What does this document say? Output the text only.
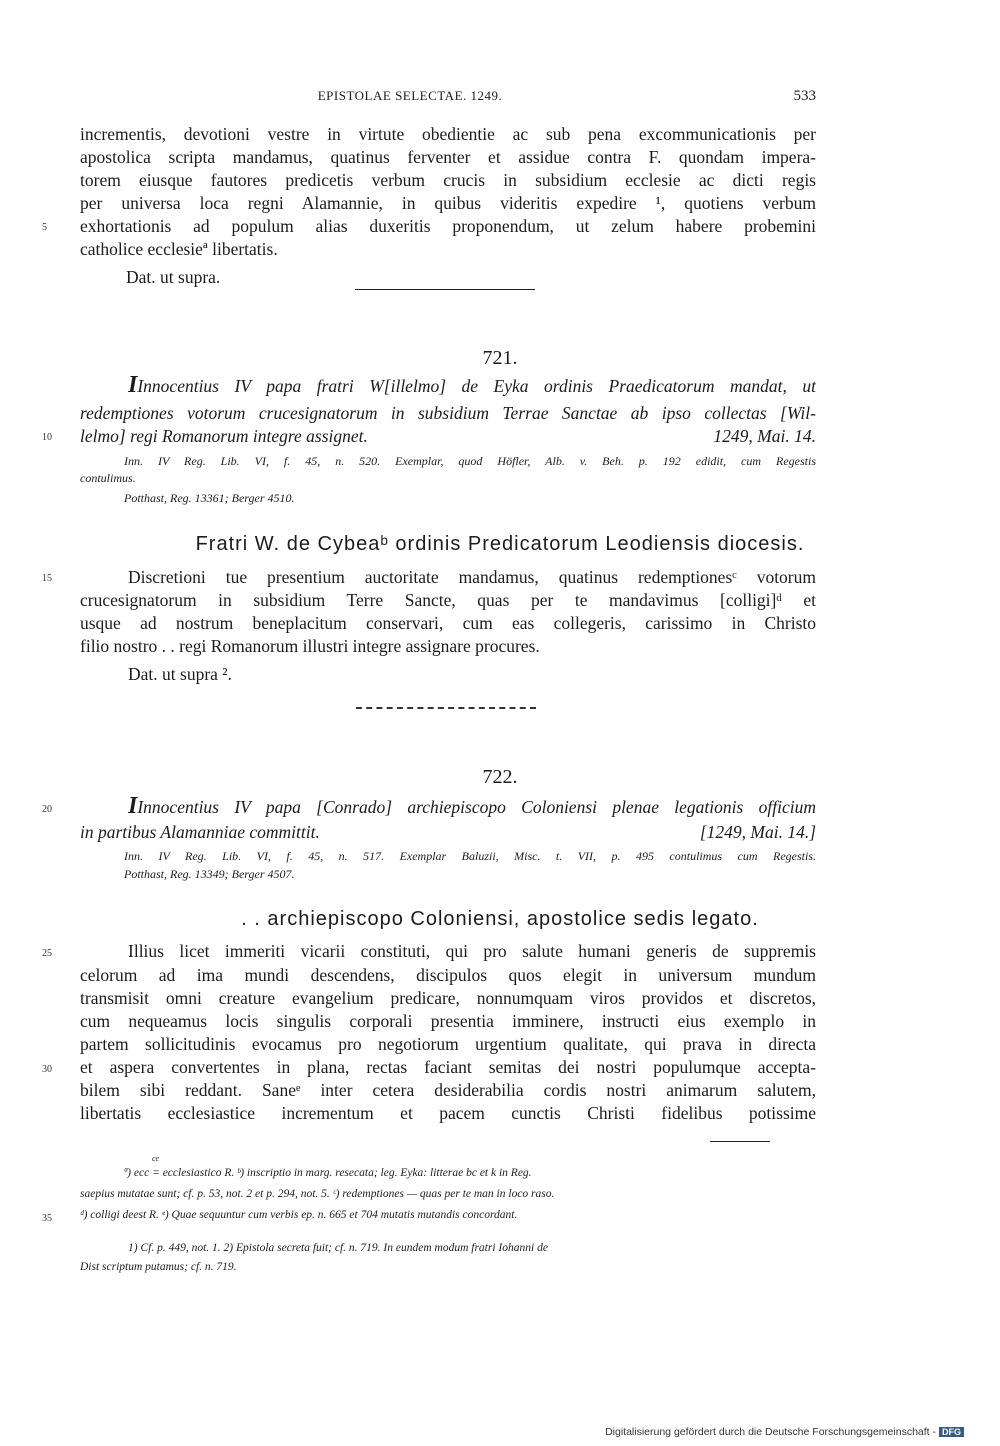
EPISTOLAE SELECTAE. 1249.	533
incrementis, devotioni vestre in virtute obedientie ac sub pena excommunicationis per
apostolica scripta mandamus, quatinus ferventer et assidue contra F. quondam impera-
torem eiusque fautores predicetis verbum crucis in subsidium ecclesie ac dicti regis
per universa loca regni Alamannie, in quibus videritis expedire ¹, quotiens verbum
exhortationis ad populum alias duxeritis proponendum, ut zelum habere probemini
catholice ecclesieª libertatis.
Dat. ut supra.
721.
IInnocentius IV papa fratri W[illelmo] de Eyka ordinis Praedicatorum mandat, ut
redemptiones votorum crucesignatorum in subsidium Terrae Sanctae ab ipso collectas [Wil-
lelmo] regi Romanorum integre assignet.	1249, Mai. 14.
Inn. IV Reg. Lib. VI, f. 45, n. 520. Exemplar, quod Höfler, Alb. v. Beh. p. 192 edidit, cum Regestis
contulimus.
Potthast, Reg. 13361; Berger 4510.
Fratri W. de Cybeaᵇ ordinis Predicatorum Leodiensis diocesis.
Discretioni tue presentium auctoritate mandamus, quatinus redemptionesᶜ votorum
crucesignatorum in subsidium Terre Sancte, quas per te mandavimus [colligi]ᵈ et
usque ad nostrum beneplacitum conservari, cum eas collegeris, carissimo in Christo
filio nostro . . regi Romanorum illustri integre assignare procures.
Dat. ut supra ².
722.
IInnocentius IV papa [Conrado] archiepiscopo Coloniensi plenae legationis officium
in partibus Alamanniae committit.	[1249, Mai. 14.]
Inn. IV Reg. Lib. VI, f. 45, n. 517. Exemplar Baluzii, Misc. t. VII, p. 495 contulimus cum Regestis.
Potthast, Reg. 13349; Berger 4507.
. . archiepiscopo Coloniensi, apostolice sedis legato.
Illius licet immeriti vicarii constituti, qui pro salute humani generis de suppremis
celorum ad ima mundi descendens, discipulos quos elegit in universum mundum
transmisit omni creature evangelium predicare, nonnumquam viros providos et discretos,
cum nequeamus locis singulis corporali presentia imminere, instructi eius exemplo in
partem sollicitudinis evocamus pro negotiorum urgentium qualitate, qui prava in directa
et aspera convertentes in plana, rectas faciant semitas dei nostri populumque accepta-
bilem sibi reddant. Saneᵉ inter cetera desiderabilia cordis nostri animarum salutem,
libertatis ecclesiastice incrementum et pacem cunctis Christi fidelibus potissime
ce
ª) ecc = ecclesiastico R. ᵇ) inscriptio in marg. resecata; leg. Eyka: litterae bc et k in Reg.
saepius mutatae sunt; cf. p. 53, not. 2 et p. 294, not. 5. ᶜ) redemptiones — quas per te man in loco raso.
ᵈ) colligi deest R. ᵉ) Quae sequuntur cum verbis ep. n. 665 et 704 mutatis mutandis concordant.
1) Cf. p. 449, not. 1. 2) Epistola secreta fuit; cf. n. 719. In eundem modum fratri Iohanni de
Dist scriptum putamus; cf. n. 719.
5
10
15
20
25
30
35
Digitalisierung gefördert durch die Deutsche Forschungsgemeinschaft - DFG
